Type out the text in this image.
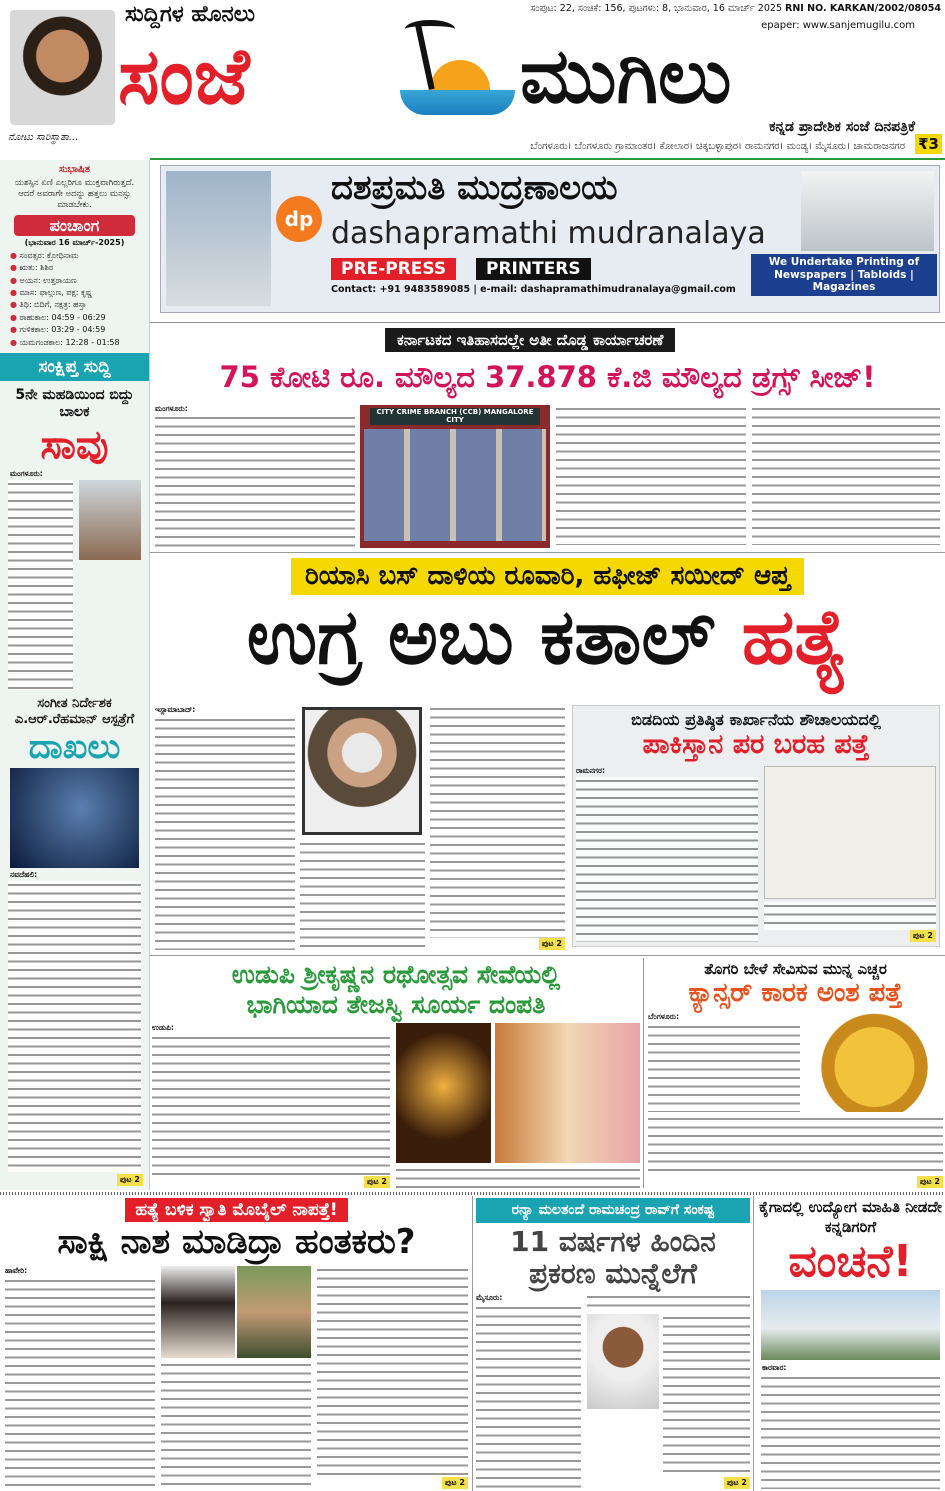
ನೋಟು ಸಾರಿಸ್ಥಾತಾ...
ಸುದ್ದಿಗಳ ಹೊನಲು
ಸಂಜೆ	ಮುಗಿಲು
ಸಂಪುಟ: 22, ಸಂಚಿಕೆ: 156, ಪುಟಗಳು: 8, ಭಾನುವಾರ, 16 ಮಾರ್ಚ್ 2025 RNI NO. KARKAN/2002/08054
epaper: www.sanjemugilu.com
ಕನ್ನಡ ಪ್ರಾದೇಶಿಕ ಸಂಜೆ ದಿನಪತ್ರಿಕೆ
ಬೆಂಗಳೂರು। ಬೆಂಗಳೂರು ಗ್ರಾಮಾಂತರ। ಕೋಲಾರ। ಚಿಕ್ಕಬಳ್ಳಾಪುರ। ರಾಮನಗರ। ಮಂಡ್ಯ। ಮೈಸೂರು। ಚಾಮರಾಜನಗರ ₹3
ಸುಭಾಷಿತ
ಯಶಸ್ಸಿನ ಏಣಿ ಎಲ್ಲರಿಗೂ ಮುಕ್ತವಾಗಿರುತ್ತದೆ. ಆದರೆ ಅವರಾಗೇ ಅದನ್ನು ಹತ್ತಲು ಮನಸ್ಸು ಮಾಡಬೇಕು.
ಪಂಚಾಂಗ
(ಭಾನುವಾರ 16 ಮಾರ್ಚ್-2025)
● ಸಂವತ್ಸರ: ಕ್ರೋಧಿನಾಮ
● ಋತು: ಶಿಶಿರ
● ಅಯನ: ಉತ್ತರಾಯಣ
● ಮಾಸ: ಫಾಲ್ಗುಣ, ಪಕ್ಷ: ಕೃಷ್ಣ
● ತಿಥಿ: ಬಿದಿಗೆ, ನಕ್ಷತ್ರ: ಹಸ್ತಾ
● ರಾಹುಕಾಲ: 04:59 - 06:29
● ಗುಳಿಕಕಾಲ: 03:29 - 04:59
● ಯಮಗಂಡಕಾಲ: 12:28 - 01:58
ಸಂಕ್ಷಿಪ್ತ ಸುದ್ದಿ
5ನೇ ಮಹಡಿಯಿಂದ ಬಿದ್ದು ಬಾಲಕ
ಸಾವು
ಮಂಗಳೂರು:
ಸಂಗೀತ ನಿರ್ದೇಶಕ ಎ.ಆರ್.ರೆಹಮಾನ್ ಆಸ್ಪತ್ರೆಗೆ
ದಾಖಲು
ನವದೆಹಲಿ:
ಪುಟ 2
dp
ದಶಪ್ರಮತಿ ಮುದ್ರಣಾಲಯ
dashapramathi mudranalaya
PRE-PRESS	PRINTERS
Contact: +91 9483589085 | e-mail: dashapramathimudranalaya@gmail.com
We Undertake Printing of
Newspapers | Tabloids | Magazines
ಕರ್ನಾಟಕದ ಇತಿಹಾಸದಲ್ಲೇ ಅತೀ ದೊಡ್ಡ ಕಾರ್ಯಾಚರಣೆ
75 ಕೋಟಿ ರೂ. ಮೌಲ್ಯದ 37.878 ಕೆ.ಜಿ ಮೌಲ್ಯದ ಡ್ರಗ್ಸ್ ಸೀಜ್!
ಮಂಗಳೂರು:	CITY CRIME BRANCH (CCB) MANGALORE CITY
ರಿಯಾಸಿ ಬಸ್ ದಾಳಿಯ ರೂವಾರಿ, ಹಫೀಜ್ ಸಯೀದ್ ಆಪ್ತ
ಉಗ್ರ ಅಬು ಕತಾಲ್ ಹತ್ಯೆ
ಇಸ್ಲಾಮಾಬಾದ್:
ಪುಟ 2
ಬಿಡದಿಯ ಪ್ರತಿಷ್ಠಿತ ಕಾರ್ಖಾನೆಯ ಶೌಚಾಲಯದಲ್ಲಿ
ಪಾಕಿಸ್ತಾನ ಪರ ಬರಹ ಪತ್ತೆ
ರಾಮನಗರ:
ಪುಟ 2
ಉಡುಪಿ ಶ್ರೀಕೃಷ್ಣನ ರಥೋತ್ಸವ ಸೇವೆಯಲ್ಲಿ
ಭಾಗಿಯಾದ ತೇಜಸ್ವಿ ಸೂರ್ಯ ದಂಪತಿ
ಉಡುಪಿ:
ಪುಟ 2
ತೊಗರಿ ಬೇಳೆ ಸೇವಿಸುವ ಮುನ್ನ ಎಚ್ಚರ
ಕ್ಯಾನ್ಸರ್ ಕಾರಕ ಅಂಶ ಪತ್ತೆ
ಬೆಂಗಳೂರು:
ಪುಟ 2
ಹತ್ಯೆ ಬಳಿಕ ಸ್ವಾತಿ ಮೊಬೈಲ್ ನಾಪತ್ತೆ!
ಸಾಕ್ಷಿ ನಾಶ ಮಾಡಿದ್ರಾ ಹಂತಕರು?
ಹಾವೇರಿ:
ಪುಟ 2
ರನ್ಯಾ ಮಲತಂದೆ ರಾಮಚಂದ್ರ ರಾವ್‌ಗೆ ಸಂಕಷ್ಟ
11 ವರ್ಷಗಳ ಹಿಂದಿನ ಪ್ರಕರಣ ಮುನ್ನೆಲೆಗೆ
ಮೈಸೂರು:
ಪುಟ 2
ಕೈಗಾದಲ್ಲಿ ಉದ್ಯೋಗ ಮಾಹಿತಿ ನೀಡದೇ ಕನ್ನಡಿಗರಿಗೆ
ವಂಚನೆ!
ಕಾರವಾರ:
